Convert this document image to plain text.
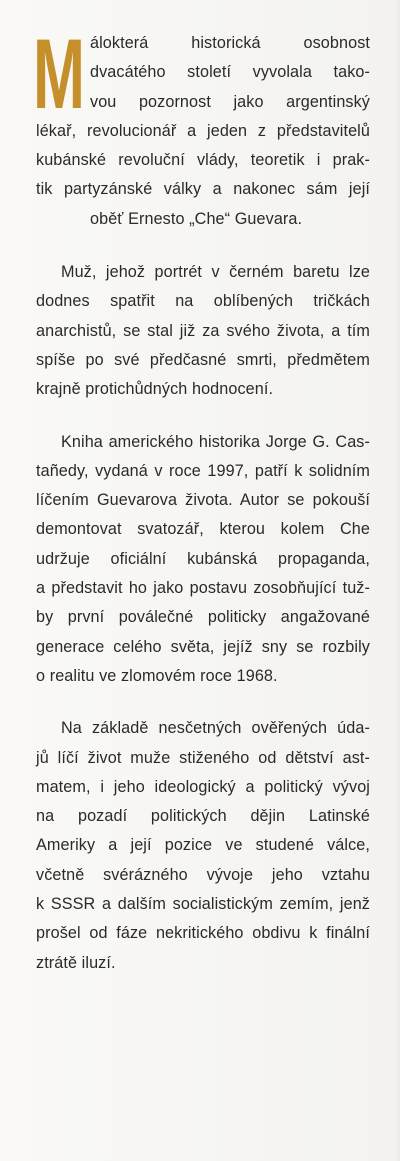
M álokterá historická osobnost
dvacátého století vyvolala tako-
vou pozornost jako argentinský
lékař, revolucionář a jeden z představitelů
kubánské revoluční vlády, teoretik i prak-
tik partyzánské války a nakonec sám její
oběť Ernesto „Che“ Guevara.

Muž, jehož portrét v černém baretu lze
dodnes spatřit na oblíbených tričkách
anarchistů, se stal již za svého života, a tím
spíše po své předčasné smrti, předmětem
krajně protichůdných hodnocení.

Kniha amerického historika Jorge G. Cas-
tañedy, vydaná v roce 1997, patří k solidním
líčením Guevarova života. Autor se pokouší
demontovat svatozář, kterou kolem Che
udržuje oficiální kubánská propaganda,
a představit ho jako postavu zosobňující tuž-
by první poválečné politicky angažované
generace celého světa, jejíž sny se rozbily
o realitu ve zlomovém roce 1968.

Na základě nesčetných ověřených úda-
jů líčí život muže stiženého od dětství ast-
matem, i jeho ideologický a politický vývoj
na pozadí politických dějin Latinské
Ameriky a její pozice ve studené válce,
včetně svérázného vývoje jeho vztahu
k SSSR a dalším socialistickým zemím, jenž
prošel od fáze nekritického obdivu k finální
ztrátě iluzí.
